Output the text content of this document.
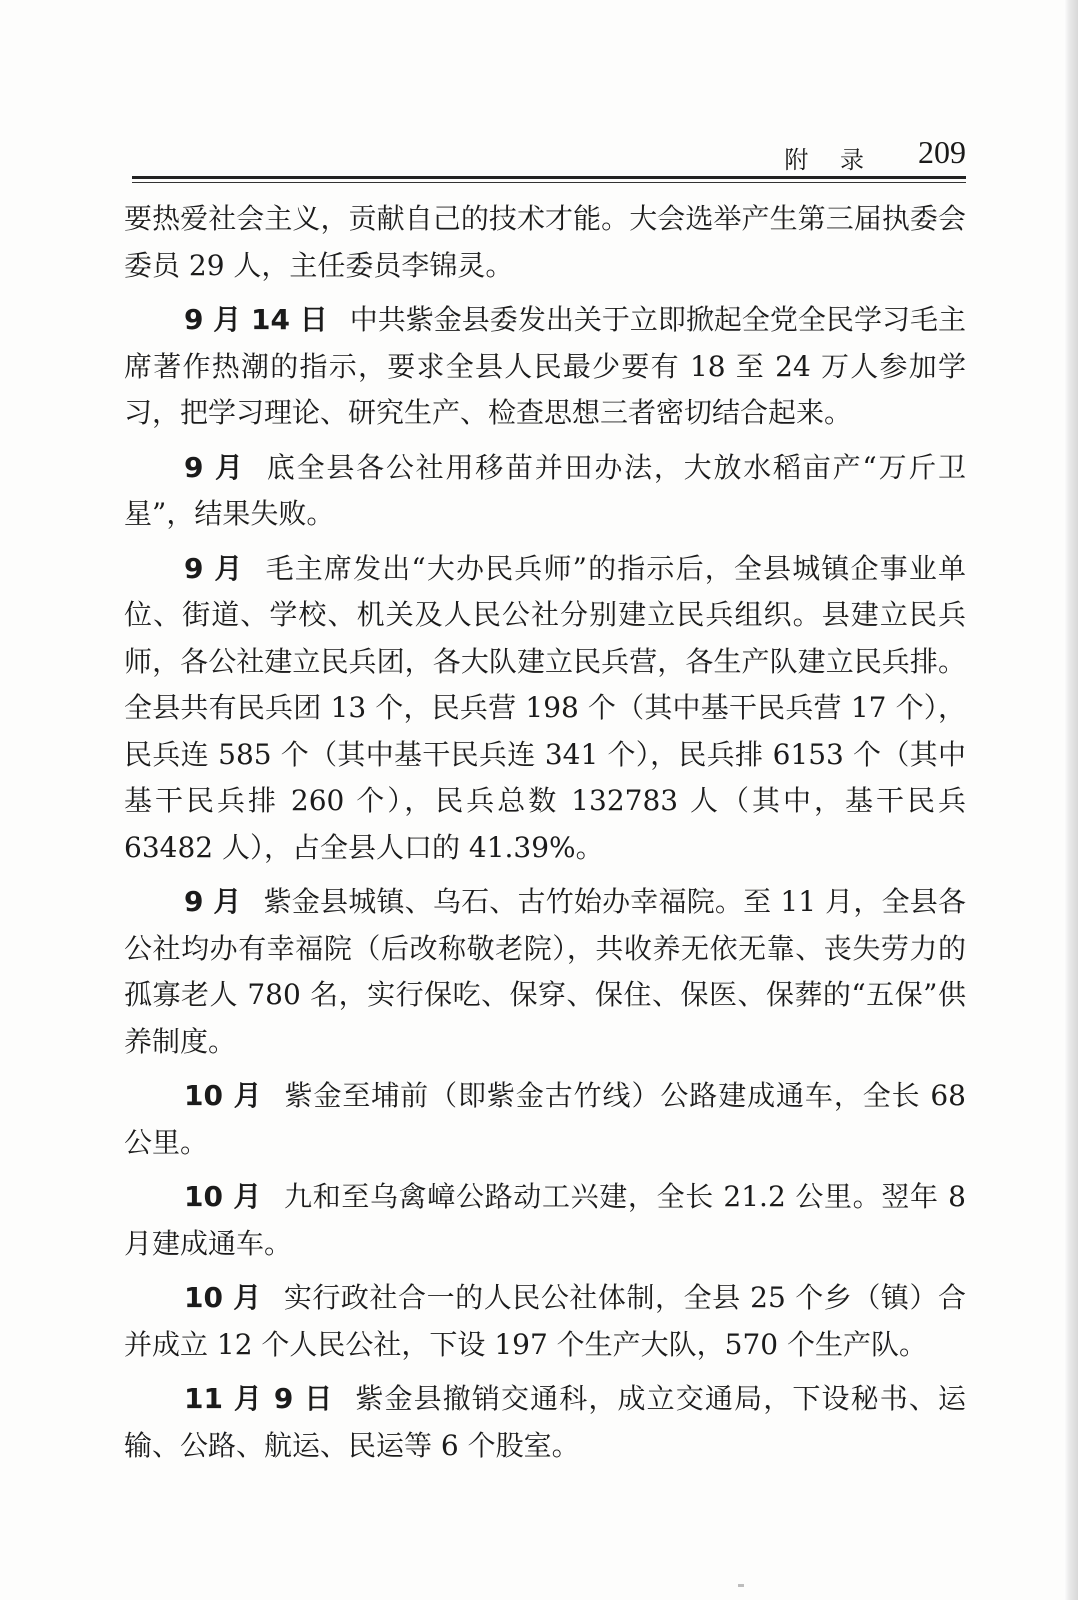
附 录 209

要热爱社会主义，贡献自己的技术才能。大会选举产生第三届执委会委员 29 人，主任委员李锦灵。

9 月 14 日 中共紫金县委发出关于立即掀起全党全民学习毛主席著作热潮的指示，要求全县人民最少要有 18 至 24 万人参加学习，把学习理论、研究生产、检查思想三者密切结合起来。

9 月 底全县各公社用移苗并田办法，大放水稻亩产“万斤卫星”，结果失败。

9 月 毛主席发出“大办民兵师”的指示后，全县城镇企事业单位、街道、学校、机关及人民公社分别建立民兵组织。县建立民兵师，各公社建立民兵团，各大队建立民兵营，各生产队建立民兵排。全县共有民兵团 13 个，民兵营 198 个（其中基干民兵营 17 个），民兵连 585 个（其中基干民兵连 341 个），民兵排 6153 个（其中基干民兵排 260 个），民兵总数 132783 人（其中，基干民兵 63482 人），占全县人口的 41.39%。

9 月 紫金县城镇、乌石、古竹始办幸福院。至 11 月，全县各公社均办有幸福院（后改称敬老院），共收养无依无靠、丧失劳力的孤寡老人 780 名，实行保吃、保穿、保住、保医、保葬的“五保”供养制度。

10 月 紫金至埔前（即紫金古竹线）公路建成通车，全长 68 公里。

10 月 九和至乌禽嶂公路动工兴建，全长 21.2 公里。翌年 8 月建成通车。

10 月 实行政社合一的人民公社体制，全县 25 个乡（镇）合并成立 12 个人民公社，下设 197 个生产大队，570 个生产队。

11 月 9 日 紫金县撤销交通科，成立交通局，下设秘书、运输、公路、航运、民运等 6 个股室。
